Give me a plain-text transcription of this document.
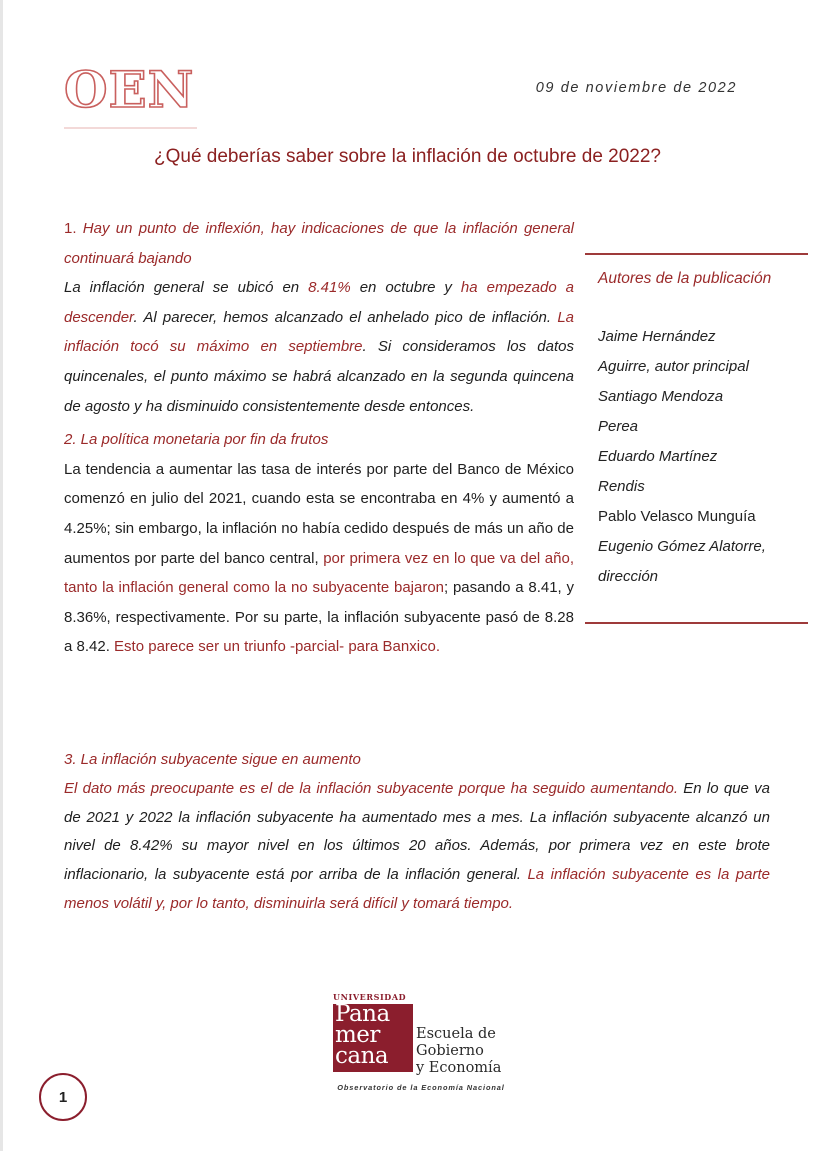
OEN	09 de noviembre de 2022
¿Qué deberías saber sobre la inflación de octubre de 2022?

1. Hay un punto de inflexión, hay indicaciones de que la inflación general continuará bajando

La inflación general se ubicó en 8.41% en octubre y ha empezado a descender. Al parecer, hemos alcanzado el anhelado pico de inflación. La inflación tocó su máximo en septiembre. Si consideramos los datos quincenales, el punto máximo se habrá alcanzado en la segunda quincena de agosto y ha disminuido consistentemente desde entonces.

2. La política monetaria por fin da frutos

La tendencia a aumentar las tasa de interés por parte del Banco de México comenzó en julio del 2021, cuando esta se encontraba en 4% y aumentó a 4.25%; sin embargo, la inflación no había cedido después de más un año de aumentos por parte del banco central, por primera vez en lo que va del año, tanto la inflación general como la no subyacente bajaron; pasando a 8.41, y 8.36%, respectivamente. Por su parte, la inflación subyacente pasó de 8.28 a 8.42. Esto parece ser un triunfo -parcial- para Banxico.

3. La inflación subyacente sigue en aumento

El dato más preocupante es el de la inflación subyacente porque ha seguido aumentando. En lo que va de 2021 y 2022 la inflación subyacente ha aumentado mes a mes. La inflación subyacente alcanzó un nivel de 8.42% su mayor nivel en los últimos 20 años. Además, por primera vez en este brote inflacionario, la subyacente está por arriba de la inflación general. La inflación subyacente es la parte menos volátil y, por lo tanto, disminuirla será difícil y tomará tiempo.

Autores de la publicación
Jaime Hernández
Aguirre, autor principal
Santiago Mendoza
Perea
Eduardo Martínez
Rendis
Pablo Velasco Munguía
Eugenio Gómez Alatorre,
dirección
UNIVERSIDAD
Pana
mer
cana
Escuela de
Gobierno
y Economía
Observatorio de la Economía Nacional
1
